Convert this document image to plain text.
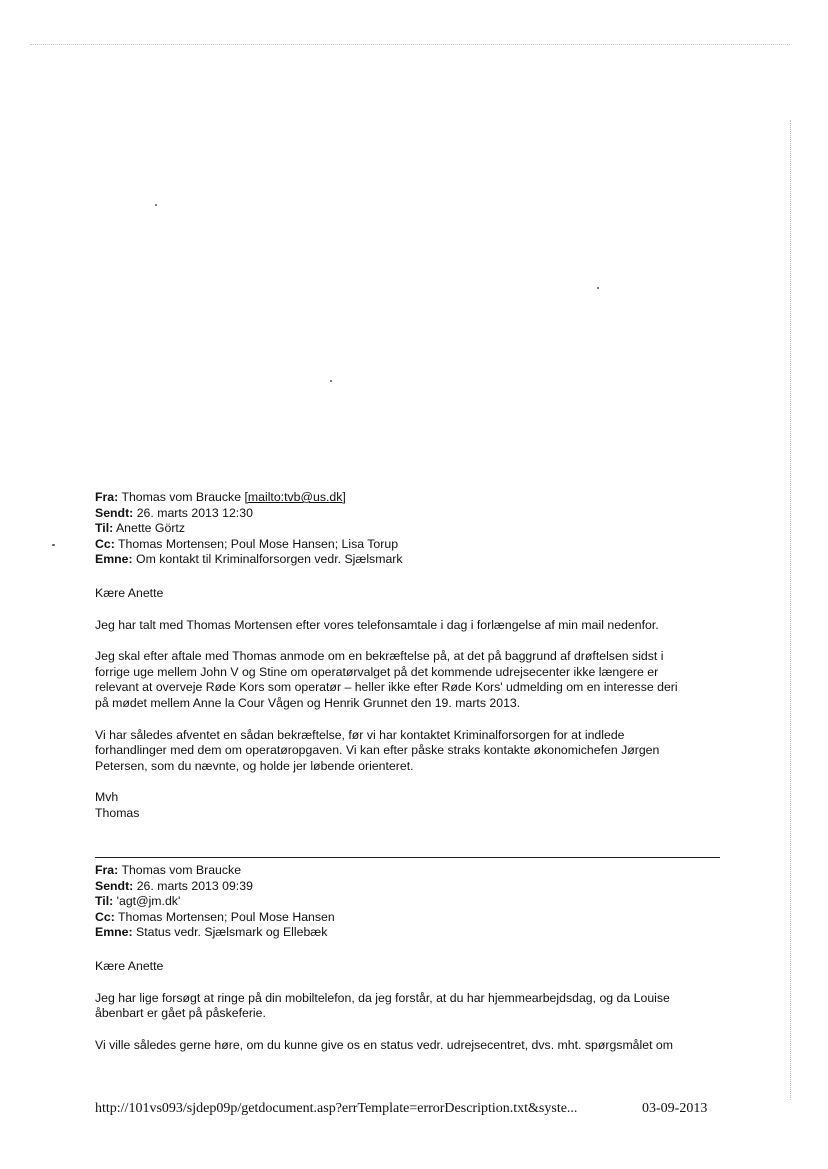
Fra: Thomas vom Braucke [mailto:tvb@us.dk]
Sendt: 26. marts 2013 12:30
Til: Anette Görtz
Cc: Thomas Mortensen; Poul Mose Hansen; Lisa Torup
Emne: Om kontakt til Kriminalforsorgen vedr. Sjælsmark

Kære Anette

Jeg har talt med Thomas Mortensen efter vores telefonsamtale i dag i forlængelse af min mail nedenfor.

Jeg skal efter aftale med Thomas anmode om en bekræftelse på, at det på baggrund af drøftelsen sidst i
forrige uge mellem John V og Stine om operatørvalget på det kommende udrejsecenter ikke længere er
relevant at overveje Røde Kors som operatør – heller ikke efter Røde Kors' udmelding om en interesse deri
på mødet mellem Anne la Cour Vågen og Henrik Grunnet den 19. marts 2013.
Vi har således afventet en sådan bekræftelse, før vi har kontaktet Kriminalforsorgen for at indlede
forhandlinger med dem om operatøropgaven. Vi kan efter påske straks kontakte økonomichefen Jørgen
Petersen, som du nævnte, og holde jer løbende orienteret.
Mvh
Thomas
Fra: Thomas vom Braucke
Sendt: 26. marts 2013 09:39
Til: 'agt@jm.dk'
Cc: Thomas Mortensen; Poul Mose Hansen
Emne: Status vedr. Sjælsmark og Ellebæk

Kære Anette

Jeg har lige forsøgt at ringe på din mobiltelefon, da jeg forstår, at du har hjemmearbejdsdag, og da Louise
åbenbart er gået på påskeferie.
Vi ville således gerne høre, om du kunne give os en status vedr. udrejsecentret, dvs. mht. spørgsmålet om
http://101vs093/sjdep09p/getdocument.asp?errTemplate=errorDescription.txt&syste...	03-09-2013
